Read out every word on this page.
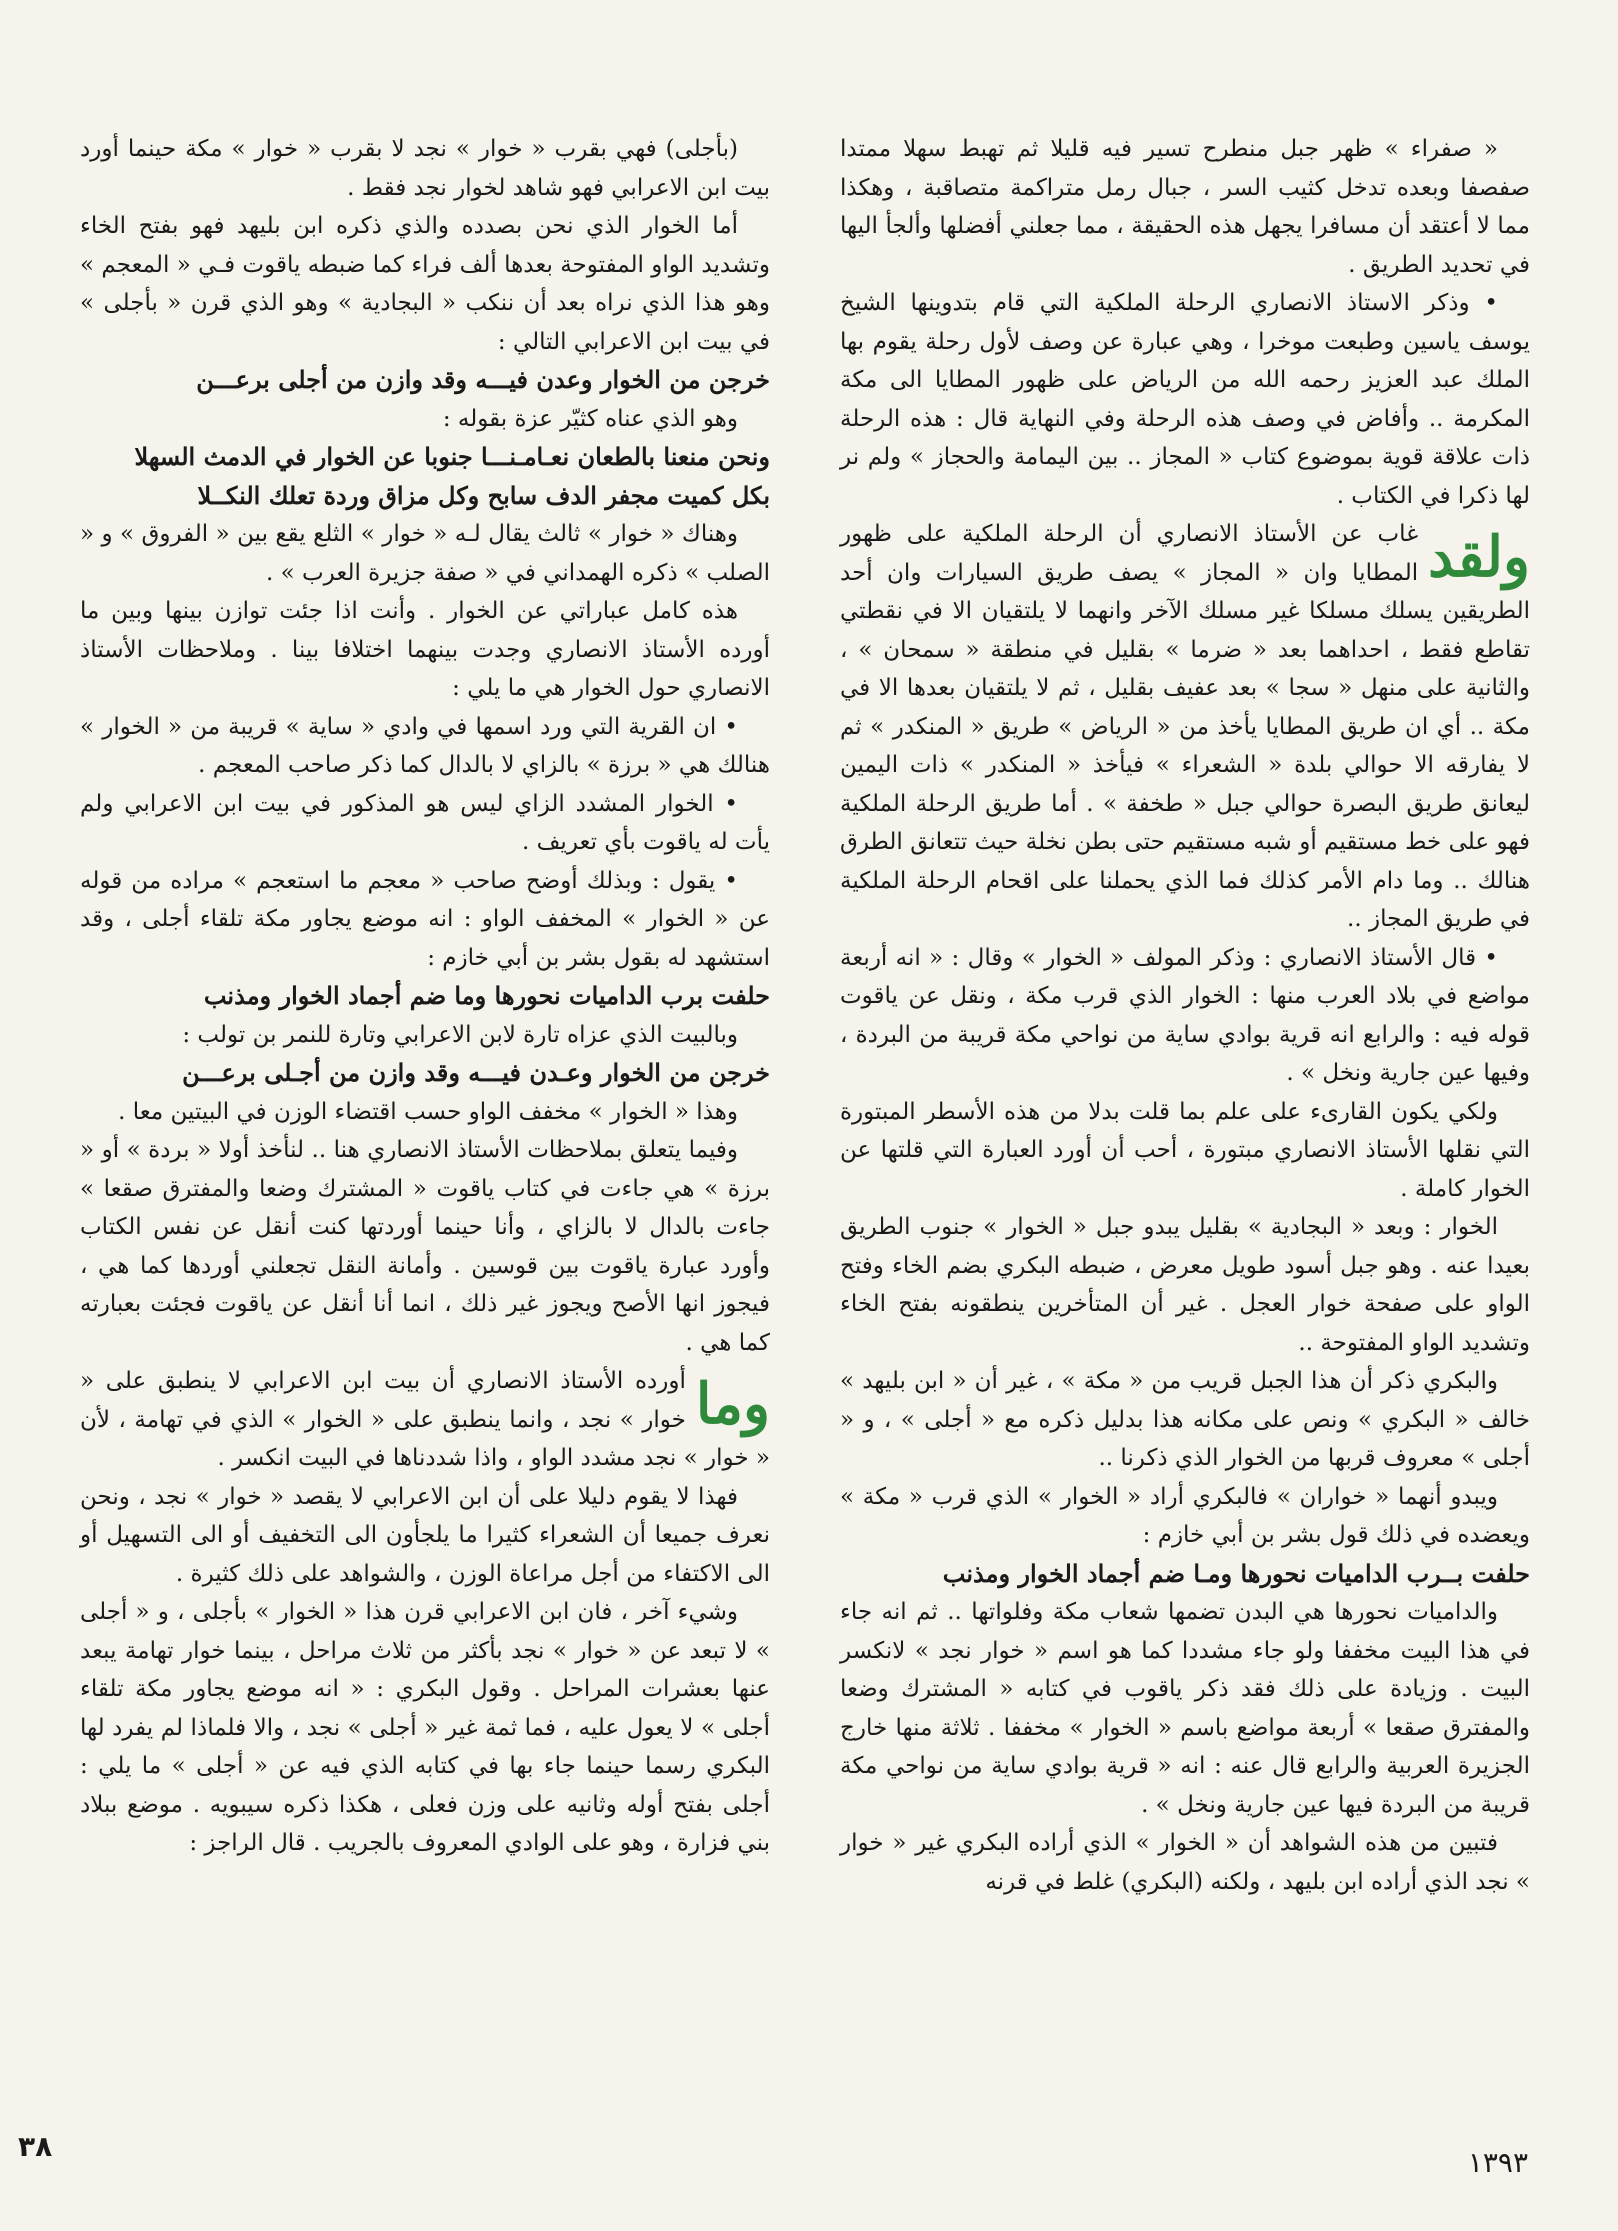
« صفراء » ظهر جبل منطرح تسير فيه قليلا ثم تهبط سهلا ممتدا صفصفا وبعده تدخل كثيب السر ، جبال رمل متراكمة متصاقبة ، وهكذا مما لا أعتقد أن مسافرا يجهل هذه الحقيقة ، مما جعلني أفضلها وألجأ اليها في تحديد الطريق .

• وذكر الاستاذ الانصاري الرحلة الملكية التي قام بتدوينها الشيخ يوسف ياسين وطبعت موخرا ، وهي عبارة عن وصف لأول رحلة يقوم بها الملك عبد العزيز رحمه الله من الرياض على ظهور المطايا الى مكة المكرمة .. وأفاض في وصف هذه الرحلة وفي النهاية قال : هذه الرحلة ذات علاقة قوية بموضوع كتاب « المجاز .. بين اليمامة والحجاز » ولم نر لها ذكرا في الكتاب .

ولقد
غاب عن الأستاذ الانصاري أن الرحلة الملكية على ظهور المطايا وان « المجاز » يصف طريق السيارات وان أحد الطريقين يسلك مسلكا غير مسلك الآخر وانهما لا يلتقيان الا في نقطتي تقاطع فقط ، احداهما بعد « ضرما » بقليل في منطقة « سمحان » ، والثانية على منهل « سجا » بعد عفيف بقليل ، ثم لا يلتقيان بعدها الا في مكة .. أي ان طريق المطايا يأخذ من « الرياض » طريق « المنكدر » ثم لا يفارقه الا حوالي بلدة « الشعراء » فيأخذ « المنكدر » ذات اليمين ليعانق طريق البصرة حوالي جبل « طخفة » . أما طريق الرحلة الملكية فهو على خط مستقيم أو شبه مستقيم حتى بطن نخلة حيث تتعانق الطرق هنالك .. وما دام الأمر كذلك فما الذي يحملنا على اقحام الرحلة الملكية في طريق المجاز ..

• قال الأستاذ الانصاري : وذكر المولف « الخوار » وقال : « انه أربعة مواضع في بلاد العرب منها : الخوار الذي قرب مكة ، ونقل عن ياقوت قوله فيه : والرابع انه قرية بوادي ساية من نواحي مكة قريبة من البردة ، وفيها عين جارية ونخل » .

ولكي يكون القارىء على علم بما قلت بدلا من هذه الأسطر المبتورة التي نقلها الأستاذ الانصاري مبتورة ، أحب أن أورد العبارة التي قلتها عن الخوار كاملة .

الخوار : وبعد « البجادية » بقليل يبدو جبل « الخوار » جنوب الطريق بعيدا عنه . وهو جبل أسود طويل معرض ، ضبطه البكري بضم الخاء وفتح الواو على صفحة خوار العجل . غير أن المتأخرين ينطقونه بفتح الخاء وتشديد الواو المفتوحة ..

والبكري ذكر أن هذا الجبل قريب من « مكة » ، غير أن « ابن بليهد » خالف « البكري » ونص على مكانه هذا بدليل ذكره مع « أجلى » ، و « أجلى » معروف قربها من الخوار الذي ذكرنا ..

ويبدو أنهما « خواران » فالبكري أراد « الخوار » الذي قرب « مكة » ويعضده في ذلك قول بشر بن أبي خازم :

حلفت بــرب الداميات نحورها ومـا ضم أجماد الخوار ومذنب

والداميات نحورها هي البدن تضمها شعاب مكة وفلواتها .. ثم انه جاء في هذا البيت مخففا ولو جاء مشددا كما هو اسم « خوار نجد » لانكسر البيت . وزيادة على ذلك فقد ذكر ياقوب في كتابه « المشترك وضعا والمفترق صقعا » أربعة مواضع باسم « الخوار » مخففا . ثلاثة منها خارج الجزيرة العربية والرابع قال عنه : انه « قرية بوادي ساية من نواحي مكة قريبة من البردة فيها عين جارية ونخل » .

فتبين من هذه الشواهد أن « الخوار » الذي أراده البكري غير « خوار » نجد الذي أراده ابن بليهد ، ولكنه (البكري) غلط في قرنه

(بأجلى) فهي بقرب « خوار » نجد لا بقرب « خوار » مكة حينما أورد بيت ابن الاعرابي فهو شاهد لخوار نجد فقط .

أما الخوار الذي نحن بصدده والذي ذكره ابن بليهد فهو بفتح الخاء وتشديد الواو المفتوحة بعدها ألف فراء كما ضبطه ياقوت فـي « المعجم » وهو هذا الذي نراه بعد أن ننكب « البجادية » وهو الذي قرن « بأجلى » في بيت ابن الاعرابي التالي :

خرجن من الخوار وعدن فيـــه وقد وازن من أجلى برعـــن

وهو الذي عناه كثيّر عزة بقوله :

ونحن منعنا بالطعان نعـامـنـــا جنوبا عن الخوار في الدمث السهلا

بكل كميت مجفر الدف سابح وكل مزاق وردة تعلك النكــلا

وهناك « خوار » ثالث يقال لـه « خوار » الثلع يقع بين « الفروق » و « الصلب » ذكره الهمداني في « صفة جزيرة العرب » .

هذه كامل عباراتي عن الخوار . وأنت اذا جئت توازن بينها وبين ما أورده الأستاذ الانصاري وجدت بينهما اختلافا بينا . وملاحظات الأستاذ الانصاري حول الخوار هي ما يلي :

• ان القرية التي ورد اسمها في وادي « ساية » قريبة من « الخوار » هنالك هي « برزة » بالزاي لا بالدال كما ذكر صاحب المعجم .

• الخوار المشدد الزاي ليس هو المذكور في بيت ابن الاعرابي ولم يأت له ياقوت بأي تعريف .

• يقول : وبذلك أوضح صاحب « معجم ما استعجم » مراده من قوله عن « الخوار » المخفف الواو : انه موضع يجاور مكة تلقاء أجلى ، وقد استشهد له بقول بشر بن أبي خازم :

حلفت برب الداميات نحورها وما ضم أجماد الخوار ومذنب

وبالبيت الذي عزاه تارة لابن الاعرابي وتارة للنمر بن تولب :

خرجن من الخوار وعـدن فيـــه وقد وازن من أجـلى برعـــن

وهذا « الخوار » مخفف الواو حسب اقتضاء الوزن في البيتين معا .

وفيما يتعلق بملاحظات الأستاذ الانصاري هنا .. لنأخذ أولا « بردة » أو « برزة » هي جاءت في كتاب ياقوت « المشترك وضعا والمفترق صقعا » جاءت بالدال لا بالزاي ، وأنا حينما أوردتها كنت أنقل عن نفس الكتاب وأورد عبارة ياقوت بين قوسين . وأمانة النقل تجعلني أوردها كما هي ، فيجوز انها الأصح ويجوز غير ذلك ، انما أنا أنقل عن ياقوت فجئت بعبارته كما هي .

وما
أورده الأستاذ الانصاري أن بيت ابن الاعرابي لا ينطبق على « خوار » نجد ، وانما ينطبق على « الخوار » الذي في تهامة ، لأن « خوار » نجد مشدد الواو ، واذا شددناها في البيت انكسر .

فهذا لا يقوم دليلا على أن ابن الاعرابي لا يقصد « خوار » نجد ، ونحن نعرف جميعا أن الشعراء كثيرا ما يلجأون الى التخفيف أو الى التسهيل أو الى الاكتفاء من أجل مراعاة الوزن ، والشواهد على ذلك كثيرة .

وشيء آخر ، فان ابن الاعرابي قرن هذا « الخوار » بأجلى ، و « أجلى » لا تبعد عن « خوار » نجد بأكثر من ثلاث مراحل ، بينما خوار تهامة يبعد عنها بعشرات المراحل . وقول البكري : « انه موضع يجاور مكة تلقاء أجلى » لا يعول عليه ، فما ثمة غير « أجلى » نجد ، والا فلماذا لم يفرد لها البكري رسما حينما جاء بها في كتابه الذي فيه عن « أجلى » ما يلي : أجلى بفتح أوله وثانيه على وزن فعلى ، هكذا ذكره سيبويه . موضع ببلاد بني فزارة ، وهو على الوادي المعروف بالجريب . قال الراجز :

٣٨	١٣٩٣
